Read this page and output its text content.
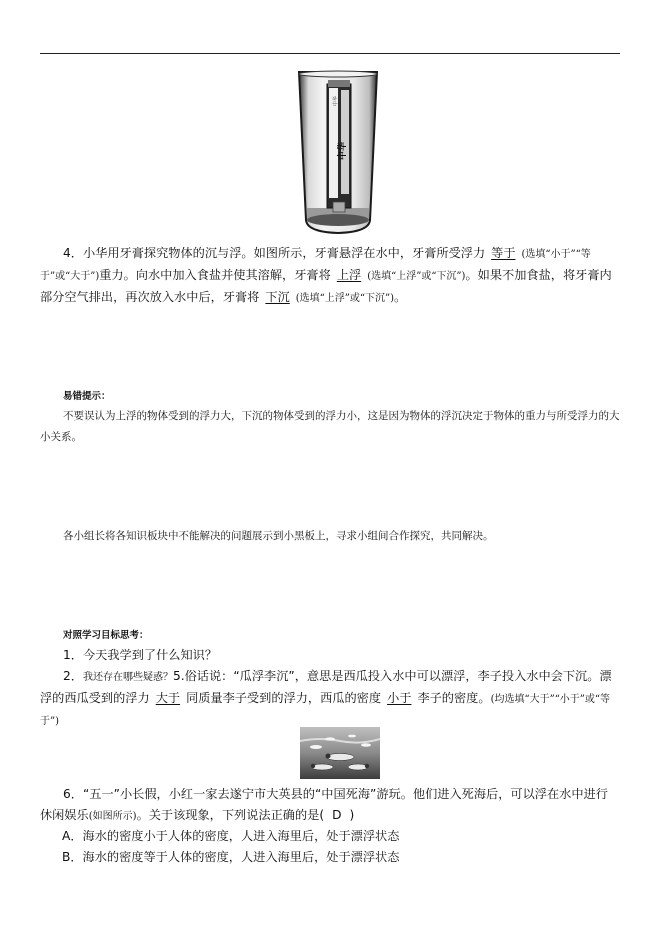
中华
中华
4．小华用牙膏探究物体的沉与浮。如图所示，牙膏悬浮在水中，牙膏所受浮力 等于 (选填“小于”“等于”或“大于”)重力。向水中加入食盐并使其溶解，牙膏将 上浮 (选填“上浮”或“下沉”)。如果不加食盐，将牙膏内部分空气排出，再次放入水中后，牙膏将 下沉 (选填“上浮”或“下沉”)。
易错提示：
不要误认为上浮的物体受到的浮力大，下沉的物体受到的浮力小，这是因为物体的浮沉决定于物体的重力与所受浮力的大小关系。
各小组长将各知识板块中不能解决的问题展示到小黑板上，寻求小组间合作探究，共同解决。
对照学习目标思考：
1．今天我学到了什么知识？
2．我还存在哪些疑惑？5.俗话说：“瓜浮李沉”，意思是西瓜投入水中可以漂浮，李子投入水中会下沉。漂浮的西瓜受到的浮力 大于 同质量李子受到的浮力，西瓜的密度 小于 李子的密度。(均选填“大于”“小于”或“等于”)
6．“五一”小长假，小红一家去遂宁市大英县的“中国死海”游玩。他们进入死海后，可以浮在水中进行休闲娱乐(如图所示)。关于该现象，下列说法正确的是( D )
A．海水的密度小于人体的密度，人进入海里后，处于漂浮状态
B．海水的密度等于人体的密度，人进入海里后，处于漂浮状态
